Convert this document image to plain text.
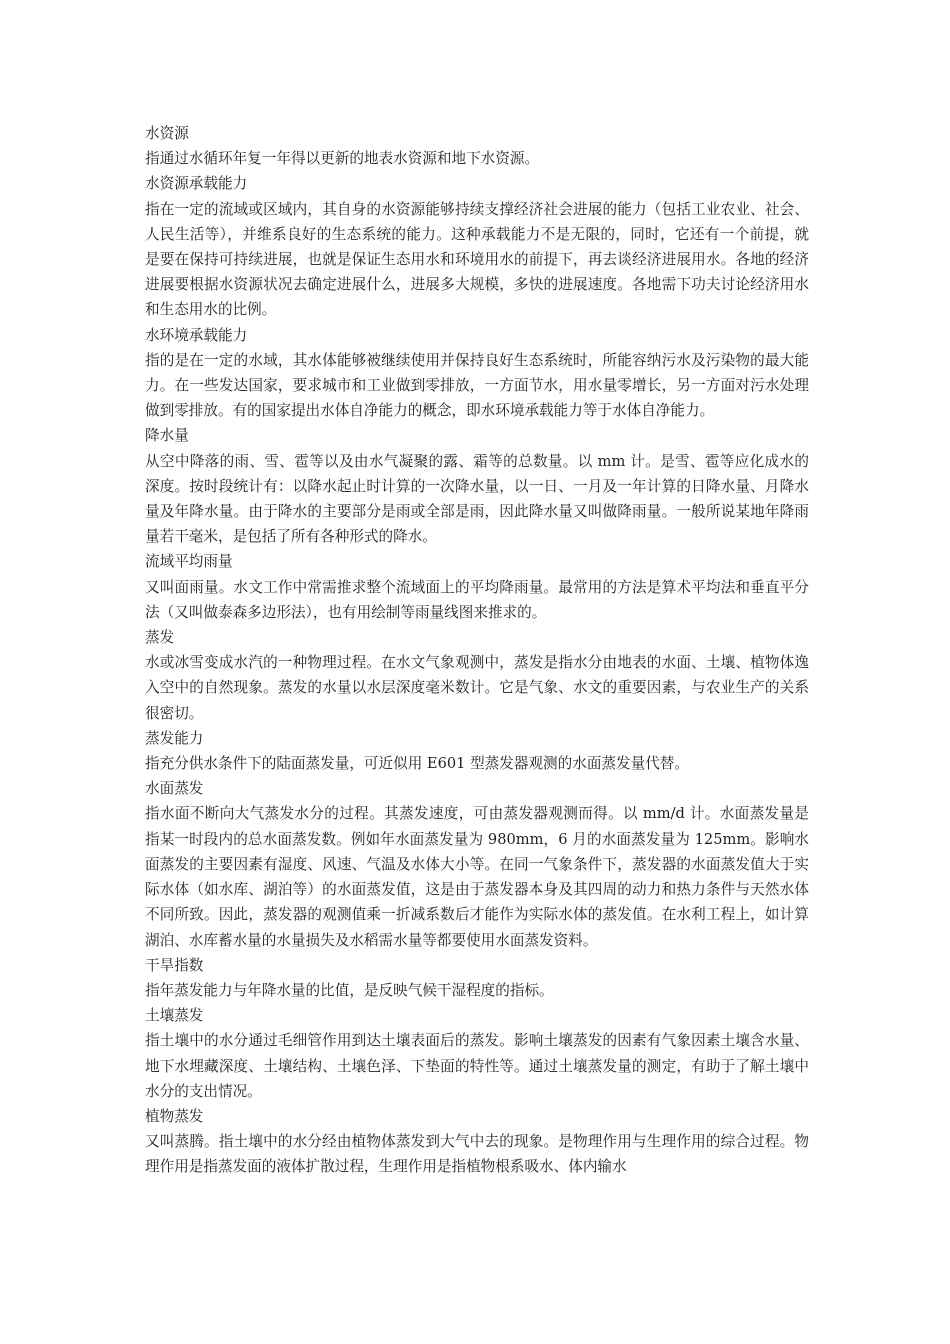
水资源

指通过水循环年复一年得以更新的地表水资源和地下水资源。

水资源承载能力

指在一定的流域或区域内，其自身的水资源能够持续支撑经济社会进展的能力（包括工业农业、社会、人民生活等），并维系良好的生态系统的能力。这种承载能力不是无限的，同时，它还有一个前提，就是要在保持可持续进展，也就是保证生态用水和环境用水的前提下，再去谈经济进展用水。各地的经济进展要根据水资源状况去确定进展什么，进展多大规模，多快的进展速度。各地需下功夫讨论经济用水和生态用水的比例。

水环境承载能力

指的是在一定的水域，其水体能够被继续使用并保持良好生态系统时，所能容纳污水及污染物的最大能力。在一些发达国家，要求城市和工业做到零排放，一方面节水，用水量零增长，另一方面对污水处理做到零排放。有的国家提出水体自净能力的概念，即水环境承载能力等于水体自净能力。

降水量

从空中降落的雨、雪、雹等以及由水气凝聚的露、霜等的总数量。以 mm 计。是雪、雹等应化成水的深度。按时段统计有：以降水起止时计算的一次降水量，以一日、一月及一年计算的日降水量、月降水量及年降水量。由于降水的主要部分是雨或全部是雨，因此降水量又叫做降雨量。一般所说某地年降雨量若干毫米，是包括了所有各种形式的降水。

流域平均雨量

又叫面雨量。水文工作中常需推求整个流域面上的平均降雨量。最常用的方法是算术平均法和垂直平分法（又叫做泰森多边形法），也有用绘制等雨量线图来推求的。

蒸发

水或冰雪变成水汽的一种物理过程。在水文气象观测中，蒸发是指水分由地表的水面、土壤、植物体逸入空中的自然现象。蒸发的水量以水层深度毫米数计。它是气象、水文的重要因素，与农业生产的关系很密切。

蒸发能力

指充分供水条件下的陆面蒸发量，可近似用 E601 型蒸发器观测的水面蒸发量代替。

水面蒸发

指水面不断向大气蒸发水分的过程。其蒸发速度，可由蒸发器观测而得。以 mm/d 计。水面蒸发量是指某一时段内的总水面蒸发数。例如年水面蒸发量为 980mm，6 月的水面蒸发量为 125mm。影响水面蒸发的主要因素有湿度、风速、气温及水体大小等。在同一气象条件下，蒸发器的水面蒸发值大于实际水体（如水库、湖泊等）的水面蒸发值，这是由于蒸发器本身及其四周的动力和热力条件与天然水体不同所致。因此，蒸发器的观测值乘一折减系数后才能作为实际水体的蒸发值。在水利工程上，如计算湖泊、水库蓄水量的水量损失及水稻需水量等都要使用水面蒸发资料。

干旱指数

指年蒸发能力与年降水量的比值，是反映气候干湿程度的指标。

土壤蒸发

指土壤中的水分通过毛细管作用到达土壤表面后的蒸发。影响土壤蒸发的因素有气象因素土壤含水量、地下水埋藏深度、土壤结构、土壤色泽、下垫面的特性等。通过土壤蒸发量的测定，有助于了解土壤中水分的支出情况。

植物蒸发

又叫蒸腾。指土壤中的水分经由植物体蒸发到大气中去的现象。是物理作用与生理作用的综合过程。物理作用是指蒸发面的液体扩散过程，生理作用是指植物根系吸水、体内输水
